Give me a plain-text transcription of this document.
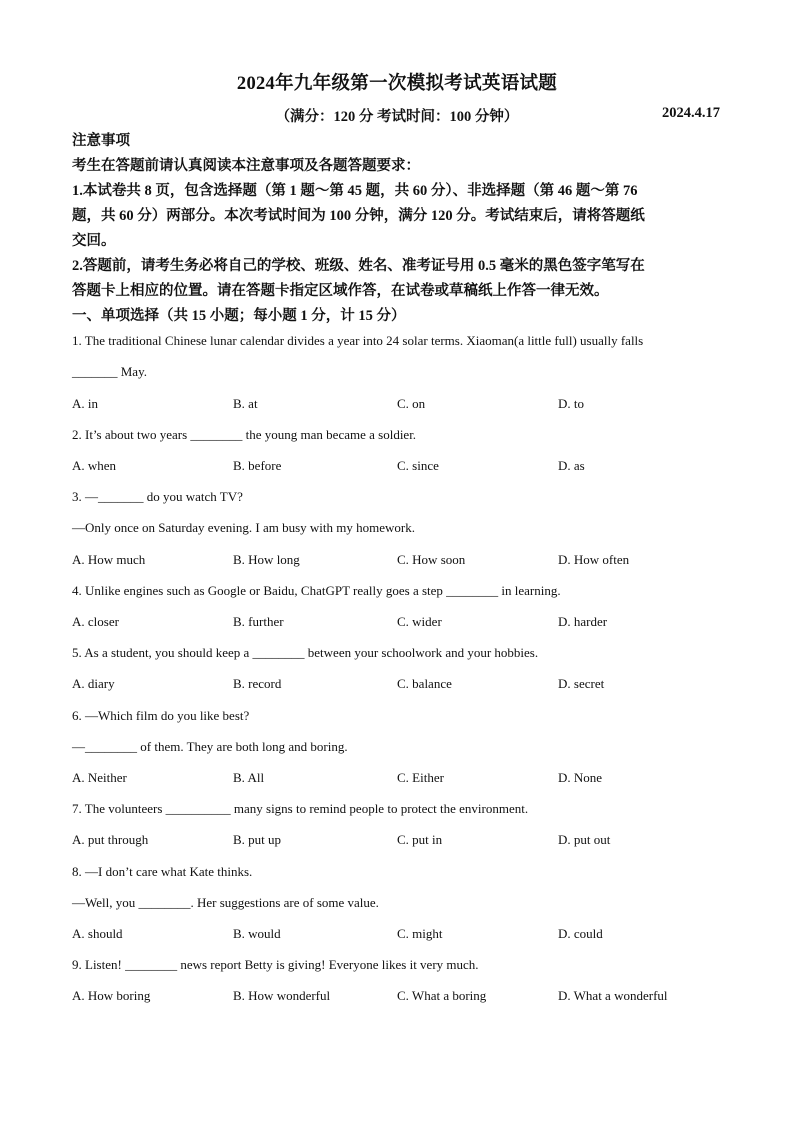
2024年九年级第一次模拟考试英语试题
（满分：120 分 考试时间：100 分钟）	2024.4.17
注意事项
考生在答题前请认真阅读本注意事项及各题答题要求：
1.本试卷共 8 页，包含选择题（第 1 题～第 45 题，共 60 分）、非选择题（第 46 题～第 76
题，共 60 分）两部分。本次考试时间为 100 分钟，满分 120 分。考试结束后，请将答题纸
交回。
2.答题前，请考生务必将自己的学校、班级、姓名、准考证号用 0.5 毫米的黑色签字笔写在
答题卡上相应的位置。请在答题卡指定区域作答，在试卷或草稿纸上作答一律无效。
一、单项选择（共 15 小题；每小题 1 分，计 15 分）
1. The traditional Chinese lunar calendar divides a year into 24 solar terms. Xiaoman(a little full) usually falls
_______ May.
A. in	B. at	C. on	D. to
2. It’s about two years ________ the young man became a soldier.
A. when	B. before	C. since	D. as
3. —_______ do you watch TV?
—Only once on Saturday evening. I am busy with my homework.
A. How much	B. How long	C. How soon	D. How often
4. Unlike engines such as Google or Baidu, ChatGPT really goes a step ________ in learning.
A. closer	B. further	C. wider	D. harder
5. As a student, you should keep a ________ between your schoolwork and your hobbies.
A. diary	B. record	C. balance	D. secret
6. —Which film do you like best?
—________ of them. They are both long and boring.
A. Neither	B. All	C. Either	D. None
7. The volunteers __________ many signs to remind people to protect the environment.
A. put through	B. put up	C. put in	D. put out
8. —I don’t care what Kate thinks.
—Well, you ________. Her suggestions are of some value.
A. should	B. would	C. might	D. could
9. Listen! ________ news report Betty is giving! Everyone likes it very much.
A. How boring	B. How wonderful	C. What a boring	D. What a wonderful
